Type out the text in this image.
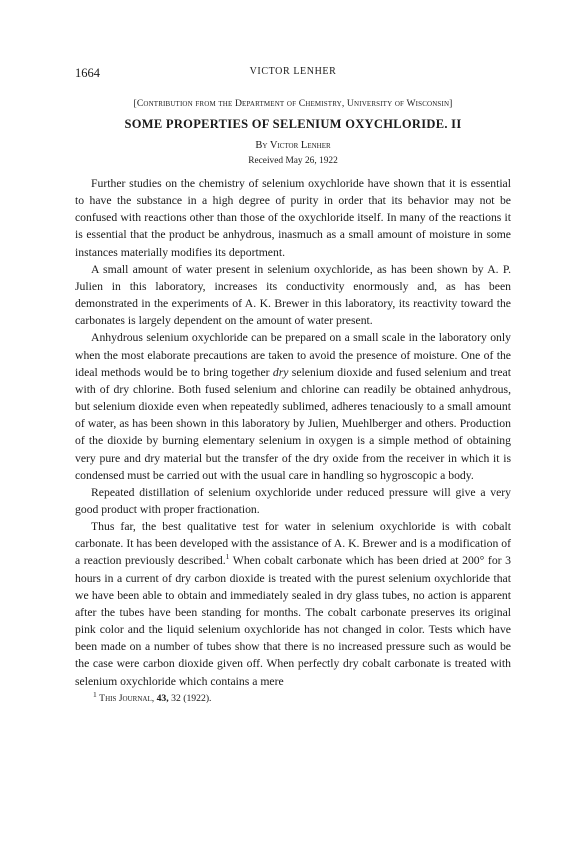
1664	VICTOR LENHER
[Contribution from the Department of Chemistry, University of Wisconsin]
SOME PROPERTIES OF SELENIUM OXYCHLORIDE. II
By Victor Lenher
Received May 26, 1922

Further studies on the chemistry of selenium oxychloride have shown that it is essential to have the substance in a high degree of purity in order that its behavior may not be confused with reactions other than those of the oxychloride itself. In many of the reactions it is essential that the product be anhydrous, inasmuch as a small amount of moisture in some instances materially modifies its deportment.

A small amount of water present in selenium oxychloride, as has been shown by A. P. Julien in this laboratory, increases its conductivity enormously and, as has been demonstrated in the experiments of A. K. Brewer in this laboratory, its reactivity toward the carbonates is largely dependent on the amount of water present.

Anhydrous selenium oxychloride can be prepared on a small scale in the laboratory only when the most elaborate precautions are taken to avoid the presence of moisture. One of the ideal methods would be to bring together dry selenium dioxide and fused selenium and treat with of dry chlorine. Both fused selenium and chlorine can readily be obtained anhydrous, but selenium dioxide even when repeatedly sublimed, adheres tenaciously to a small amount of water, as has been shown in this laboratory by Julien, Muehlberger and others. Production of the dioxide by burning elementary selenium in oxygen is a simple method of obtaining very pure and dry material but the transfer of the dry oxide from the receiver in which it is condensed must be carried out with the usual care in handling so hygroscopic a body.

Repeated distillation of selenium oxychloride under reduced pressure will give a very good product with proper fractionation.

Thus far, the best qualitative test for water in selenium oxychloride is with cobalt carbonate. It has been developed with the assistance of A. K. Brewer and is a modification of a reaction previously described.$^1$ When cobalt carbonate which has been dried at 200° for 3 hours in a current of dry carbon dioxide is treated with the purest selenium oxychloride that we have been able to obtain and immediately sealed in dry glass tubes, no action is apparent after the tubes have been standing for months. The cobalt carbonate preserves its original pink color and the liquid selenium oxychloride has not changed in color. Tests which have been made on a number of tubes show that there is no increased pressure such as would be the case were carbon dioxide given off. When perfectly dry cobalt carbonate is treated with selenium oxychloride which contains a mere

$^1$ This Journal, 43, 32 (1922).
